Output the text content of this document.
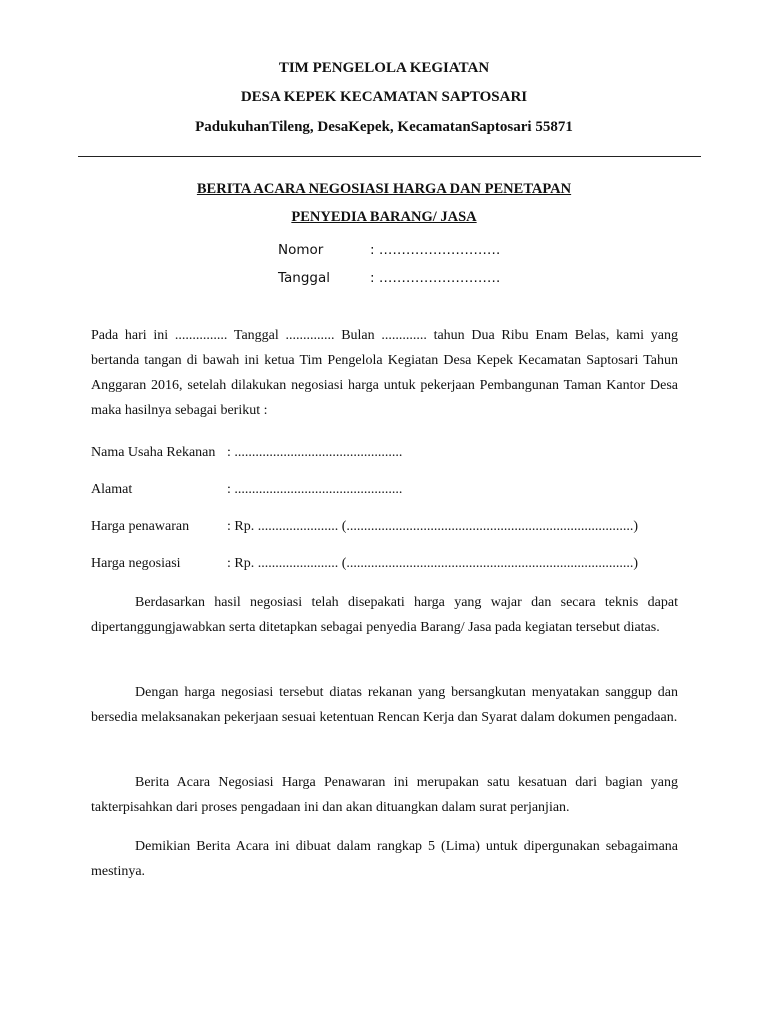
TIM PENGELOLA KEGIATAN
DESA KEPEK KECAMATAN SAPTOSARI
PadukuhanTileng, DesaKepek, KecamatanSaptosari 55871
BERITA ACARA NEGOSIASI HARGA DAN PENETAPAN
PENYEDIA BARANG/ JASA
Nomor	: ………………………
Tanggal	: ………………………
Pada hari ini ............... Tanggal .............. Bulan ............. tahun Dua Ribu Enam Belas, kami yang bertanda tangan di bawah ini ketua Tim Pengelola Kegiatan Desa Kepek Kecamatan Saptosari Tahun Anggaran 2016, setelah dilakukan negosiasi harga untuk pekerjaan Pembangunan Taman Kantor Desa maka hasilnya sebagai berikut :
Nama Usaha Rekanan : ................................................
Alamat	: ................................................
Harga penawaran	: Rp. ....................... (..................................................................................)
Harga negosiasi	: Rp. ....................... (..................................................................................)
Berdasarkan hasil negosiasi telah disepakati harga yang wajar dan secara teknis dapat dipertanggungjawabkan serta ditetapkan sebagai penyedia Barang/ Jasa pada kegiatan tersebut diatas.
Dengan harga negosiasi tersebut diatas rekanan yang bersangkutan menyatakan sanggup dan bersedia melaksanakan pekerjaan sesuai ketentuan Rencan Kerja dan Syarat dalam dokumen pengadaan.
Berita Acara Negosiasi Harga Penawaran ini merupakan satu kesatuan dari bagian yang takterpisahkan dari proses pengadaan ini dan akan dituangkan dalam surat perjanjian.
Demikian Berita Acara ini dibuat dalam rangkap 5 (Lima) untuk dipergunakan sebagaimana mestinya.
